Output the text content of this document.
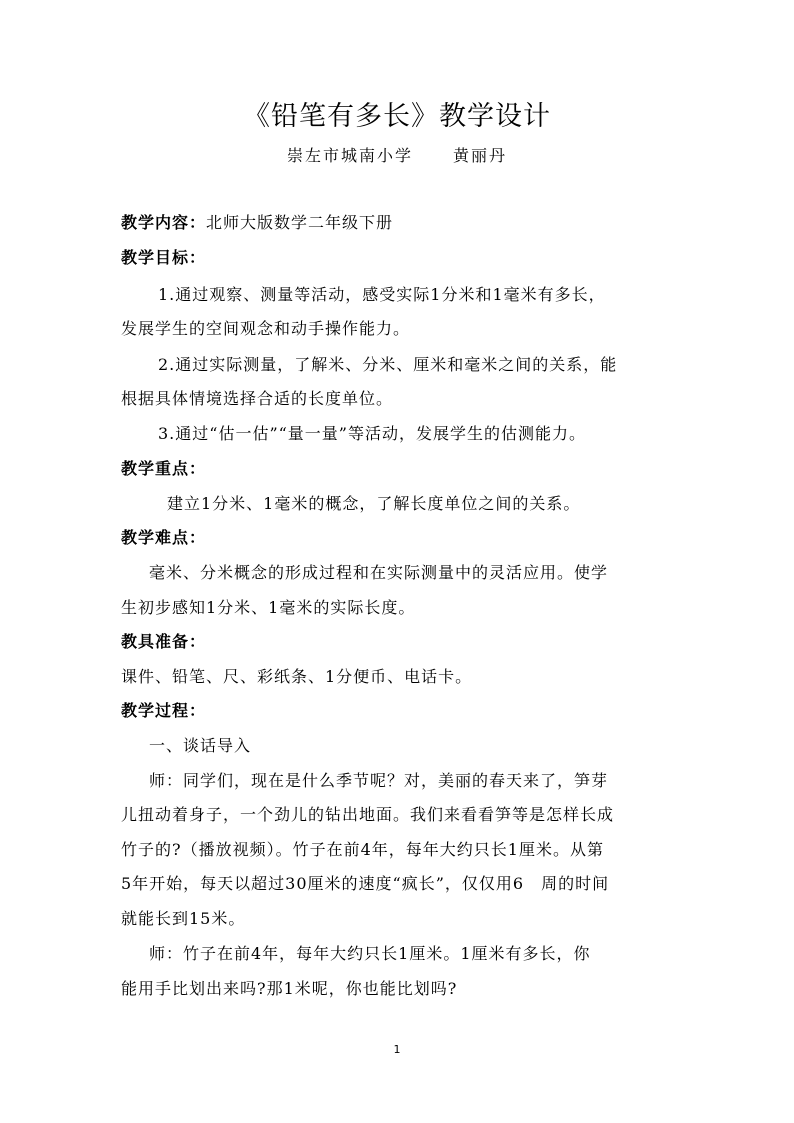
《铅笔有多长》教学设计
崇左市城南小学	黄丽丹
教学内容：北师大版数学二年级下册
教学目标：
1.通过观察、测量等活动，感受实际1分米和1毫米有多长，
发展学生的空间观念和动手操作能力。
2.通过实际测量，了解米、分米、厘米和毫米之间的关系，能
根据具体情境选择合适的长度单位。
3.通过“估一估”“量一量”等活动，发展学生的估测能力。
教学重点：
建立1分米、1毫米的概念，了解长度单位之间的关系。
教学难点：
毫米、分米概念的形成过程和在实际测量中的灵活应用。使学
生初步感知1分米、1毫米的实际长度。
教具准备：
课件、铅笔、尺、彩纸条、1分便币、电话卡。
教学过程：
一、谈话导入
师：同学们，现在是什么季节呢？对，美丽的春天来了，笋芽
儿扭动着身子，一个劲儿的钻出地面。我们来看看笋等是怎样长成
竹子的?（播放视频）。竹子在前4年，每年大约只长1厘米。从第
5年开始，每天以超过30厘米的速度“疯长”，仅仅用6　周的时间
就能长到15米。
师：竹子在前4年，每年大约只长1厘米。1厘米有多长，你
能用手比划出来吗?那1米呢，你也能比划吗?
1
